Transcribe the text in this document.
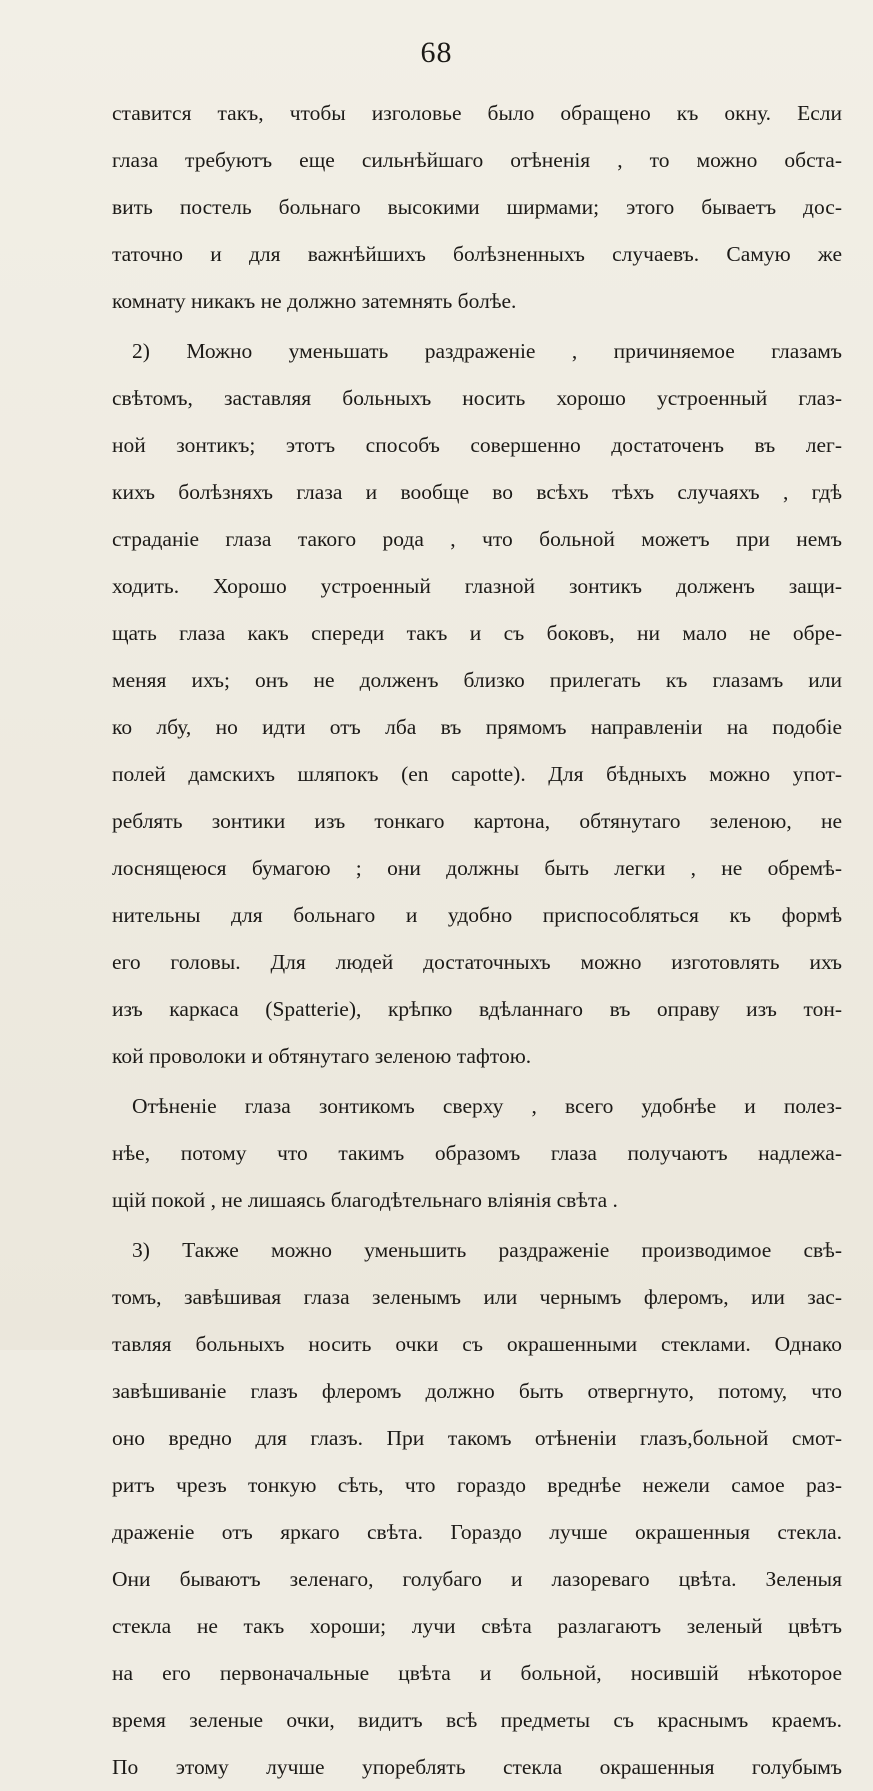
68
ставится такъ, чтобы изголовье было обращено къ окну. Если
глаза требуютъ еще сильнѣйшаго отѣненія , то можно обста-
вить постель больнаго высокими ширмами; этого бываетъ дос-
таточно и для важнѣйшихъ болѣзненныхъ случаевъ. Самую же
комнату никакъ не должно затемнять болѣе.
2) Можно уменьшать раздраженіе , причиняемое глазамъ
свѣтомъ, заставляя больныхъ носить хорошо устроенный глаз-
ной зонтикъ; этотъ способъ совершенно достаточенъ въ лег-
кихъ болѣзняхъ глаза и вообще во всѣхъ тѣхъ случаяхъ , гдѣ
страданіе глаза такого рода , что больной можетъ при немъ
ходить. Хорошо устроенный глазной зонтикъ долженъ защи-
щать глаза какъ спереди такъ и съ боковъ, ни мало не обре-
меняя ихъ; онъ не долженъ близко прилегать къ глазамъ или
ко лбу, но идти отъ лба въ прямомъ направленіи на подобіе
полей дамскихъ шляпокъ (en capotte). Для бѣдныхъ можно упот-
реблять зонтики изъ тонкаго картона, обтянутаго зеленою, не
лоснящеюся бумагою ; они должны быть легки , не обремѣ-
нительны для больнаго и удобно приспособляться къ формѣ
его головы. Для людей достаточныхъ можно изготовлять ихъ
изъ каркаса (Spatterie), крѣпко вдѣланнаго въ оправу изъ тон-
кой проволоки и обтянутаго зеленою тафтою.
Отѣненіе глаза зонтикомъ сверху , всего удобнѣе и полез-
нѣе, потому что такимъ образомъ глаза получаютъ надлежа-
щій покой , не лишаясь благодѣтельнаго вліянія свѣта .
3) Также можно уменьшить раздраженіе производимое свѣ-
томъ, завѣшивая глаза зеленымъ или чернымъ флеромъ, или зас-
тавляя больныхъ носить очки съ окрашенными стеклами. Однако
завѣшиваніе глазъ флеромъ должно быть отвергнуто, потому, что
оно вредно для глазъ. При такомъ отѣненіи глазъ,больной смот-
ритъ чрезъ тонкую сѣть, что гораздо вреднѣе нежели самое раз-
драженіе отъ яркаго свѣта. Гораздо лучше окрашенныя стекла.
Они бываютъ зеленаго, голубаго и лазореваго цвѣта. Зеленыя
стекла не такъ хороши; лучи свѣта разлагаютъ зеленый цвѣтъ
на его первоначальные цвѣта и больной, носившій нѣкоторое
время зеленые очки, видитъ всѣ предметы съ краснымъ краемъ.
По этому лучше упореблять стекла окрашенныя голубымъ
